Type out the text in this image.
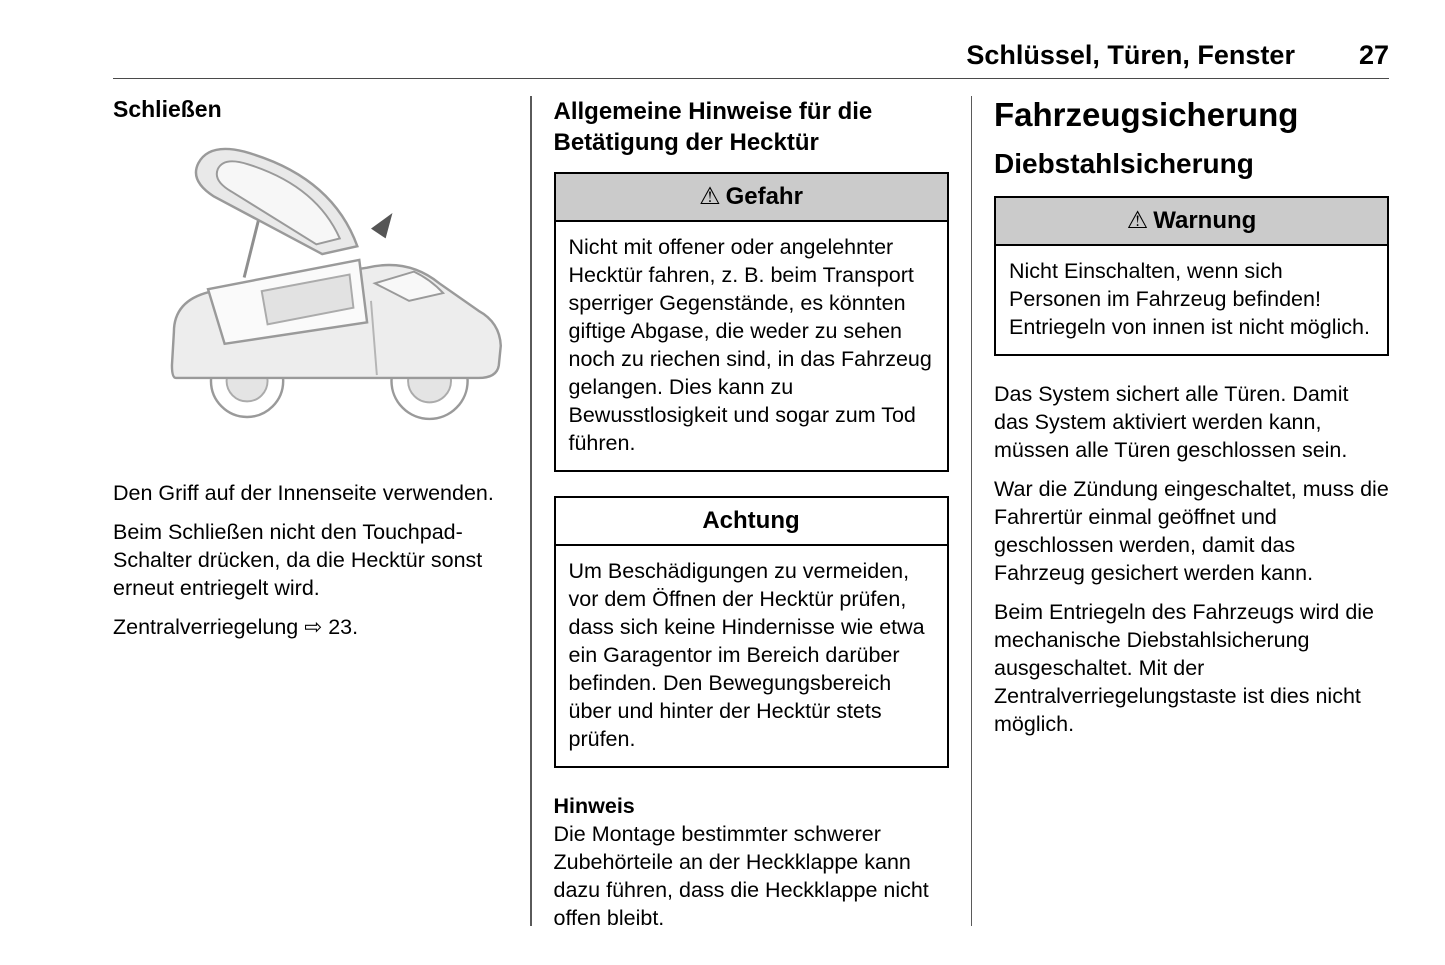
Schlüssel, Türen, Fenster 27
Schließen
Den Griff auf der Innenseite verwenden.
Beim Schließen nicht den Touchpad-Schalter drücken, da die Hecktür sonst erneut entriegelt wird.
Zentralverriegelung ⇨ 23.
Allgemeine Hinweise für die Betätigung der Hecktür
⚠ Gefahr
Nicht mit offener oder angelehnter Hecktür fahren, z. B. beim Transport sperriger Gegenstände, es könnten giftige Abgase, die weder zu sehen noch zu riechen sind, in das Fahrzeug gelangen. Dies kann zu Bewusstlosigkeit und sogar zum Tod führen.
Achtung
Um Beschädigungen zu vermeiden, vor dem Öffnen der Hecktür prüfen, dass sich keine Hindernisse wie etwa ein Garagentor im Bereich darüber befinden. Den Bewegungsbereich über und hinter der Hecktür stets prüfen.
Hinweis
Die Montage bestimmter schwerer Zubehörteile an der Heckklappe kann dazu führen, dass die Heckklappe nicht offen bleibt.
Fahrzeugsicherung
Diebstahlsicherung
⚠ Warnung
Nicht Einschalten, wenn sich Personen im Fahrzeug befinden! Entriegeln von innen ist nicht möglich.
Das System sichert alle Türen. Damit das System aktiviert werden kann, müssen alle Türen geschlossen sein.
War die Zündung eingeschaltet, muss die Fahrertür einmal geöffnet und geschlossen werden, damit das Fahrzeug gesichert werden kann.
Beim Entriegeln des Fahrzeugs wird die mechanische Diebstahlsicherung ausgeschaltet. Mit der Zentralverriegelungstaste ist dies nicht möglich.
